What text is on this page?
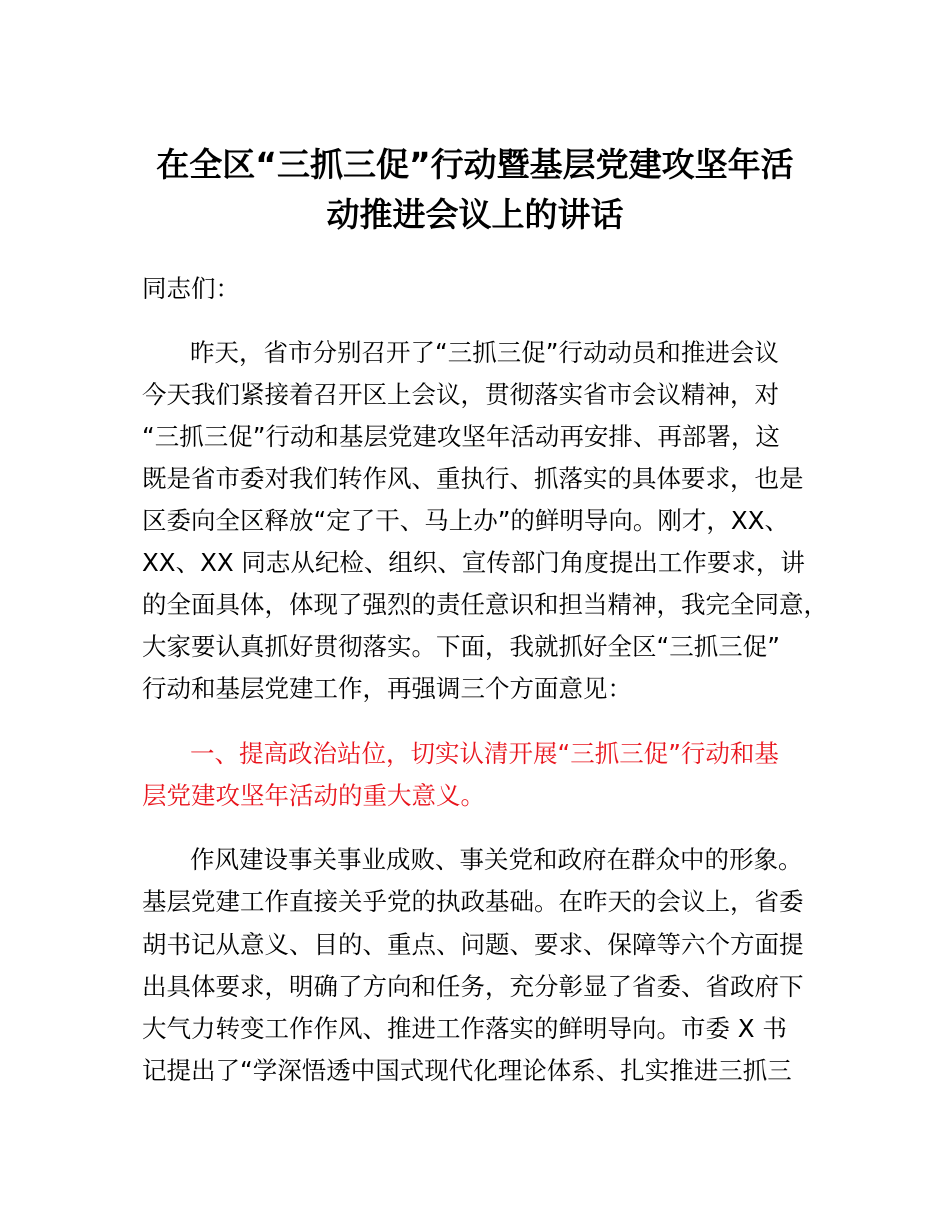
在全区“三抓三促”行动暨基层党建攻坚年活
动推进会议上的讲话
同志们：
昨天，省市分别召开了“三抓三促”行动动员和推进会议
今天我们紧接着召开区上会议，贯彻落实省市会议精神，对
“三抓三促”行动和基层党建攻坚年活动再安排、再部署，这
既是省市委对我们转作风、重执行、抓落实的具体要求，也是
区委向全区释放“定了干、马上办”的鲜明导向。刚才，XX、
XX、XX 同志从纪检、组织、宣传部门角度提出工作要求，讲
的全面具体，体现了强烈的责任意识和担当精神，我完全同意，
大家要认真抓好贯彻落实。下面，我就抓好全区“三抓三促”
行动和基层党建工作，再强调三个方面意见：
一、提高政治站位，切实认清开展“三抓三促”行动和基
层党建攻坚年活动的重大意义。
作风建设事关事业成败、事关党和政府在群众中的形象。
基层党建工作直接关乎党的执政基础。在昨天的会议上，省委
胡书记从意义、目的、重点、问题、要求、保障等六个方面提
出具体要求，明确了方向和任务，充分彰显了省委、省政府下
大气力转变工作作风、推进工作落实的鲜明导向。市委 X 书
记提出了“学深悟透中国式现代化理论体系、扎实推进三抓三
